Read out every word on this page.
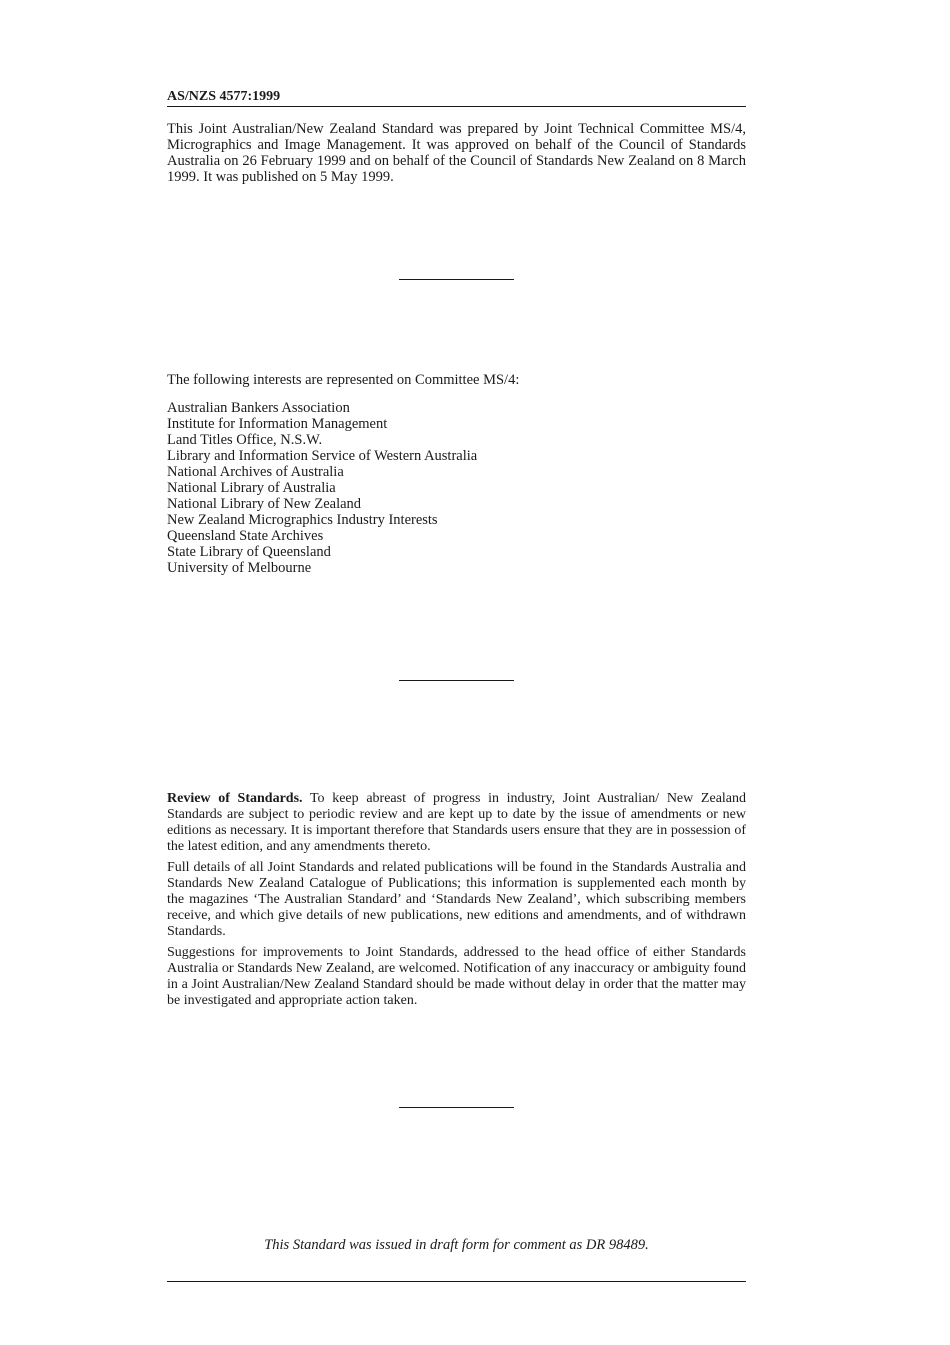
AS/NZS 4577:1999

This Joint Australian/New Zealand Standard was prepared by Joint Technical Committee MS/4, Micrographics and Image Management. It was approved on behalf of the Council of Standards Australia on 26 February 1999 and on behalf of the Council of Standards New Zealand on 8 March 1999. It was published on 5 May 1999.

The following interests are represented on Committee MS/4:

Australian Bankers Association
Institute for Information Management
Land Titles Office, N.S.W.
Library and Information Service of Western Australia
National Archives of Australia
National Library of Australia
National Library of New Zealand
New Zealand Micrographics Industry Interests
Queensland State Archives
State Library of Queensland
University of Melbourne

Review of Standards. To keep abreast of progress in industry, Joint Australian/ New Zealand Standards are subject to periodic review and are kept up to date by the issue of amendments or new editions as necessary. It is important therefore that Standards users ensure that they are in possession of the latest edition, and any amendments thereto.

Full details of all Joint Standards and related publications will be found in the Standards Australia and Standards New Zealand Catalogue of Publications; this information is supplemented each month by the magazines ‘The Australian Standard’ and ‘Standards New Zealand’, which subscribing members receive, and which give details of new publications, new editions and amendments, and of withdrawn Standards.

Suggestions for improvements to Joint Standards, addressed to the head office of either Standards Australia or Standards New Zealand, are welcomed. Notification of any inaccuracy or ambiguity found in a Joint Australian/New Zealand Standard should be made without delay in order that the matter may be investigated and appropriate action taken.

This Standard was issued in draft form for comment as DR 98489.
